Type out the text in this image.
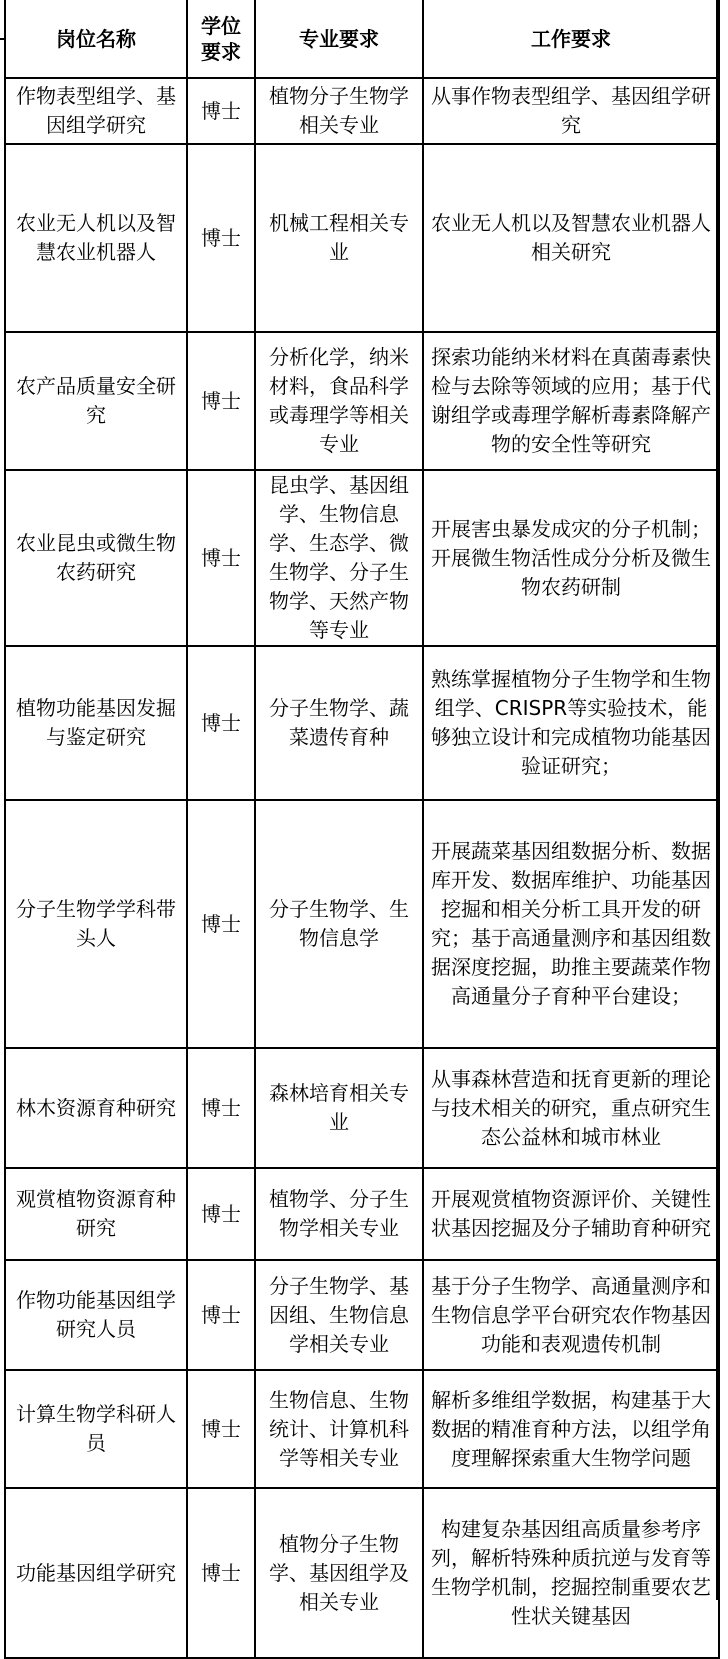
岗位名称	学位要求	专业要求	工作要求
作物表型组学、基因组学研究	博士	植物分子生物学相关专业	从事作物表型组学、基因组学研究
农业无人机以及智慧农业机器人	博士	机械工程相关专业	农业无人机以及智慧农业机器人相关研究
农产品质量安全研究	博士	分析化学，纳米材料，食品科学或毒理学等相关专业	探索功能纳米材料在真菌毒素快检与去除等领域的应用；基于代谢组学或毒理学解析毒素降解产物的安全性等研究
农业昆虫或微生物农药研究	博士	昆虫学、基因组学、生物信息学、生态学、微生物学、分子生物学、天然产物等专业	开展害虫暴发成灾的分子机制；开展微生物活性成分分析及微生物农药研制
植物功能基因发掘与鉴定研究	博士	分子生物学、蔬菜遗传育种	熟练掌握植物分子生物学和生物组学、CRISPR等实验技术，能够独立设计和完成植物功能基因验证研究；
分子生物学学科带头人	博士	分子生物学、生物信息学	开展蔬菜基因组数据分析、数据库开发、数据库维护、功能基因挖掘和相关分析工具开发的研究；基于高通量测序和基因组数据深度挖掘，助推主要蔬菜作物高通量分子育种平台建设；
林木资源育种研究	博士	森林培育相关专业	从事森林营造和抚育更新的理论与技术相关的研究，重点研究生态公益林和城市林业
观赏植物资源育种研究	博士	植物学、分子生物学相关专业	开展观赏植物资源评价、关键性状基因挖掘及分子辅助育种研究
作物功能基因组学研究人员	博士	分子生物学、基因组、生物信息学相关专业	基于分子生物学、高通量测序和生物信息学平台研究农作物基因功能和表观遗传机制
计算生物学科研人员	博士	生物信息、生物统计、计算机科学等相关专业	解析多维组学数据，构建基于大数据的精准育种方法，以组学角度理解探索重大生物学问题
功能基因组学研究	博士	植物分子生物学、基因组学及相关专业	构建复杂基因组高质量参考序列，解析特殊种质抗逆与发育等生物学机制，挖掘控制重要农艺性状关键基因
